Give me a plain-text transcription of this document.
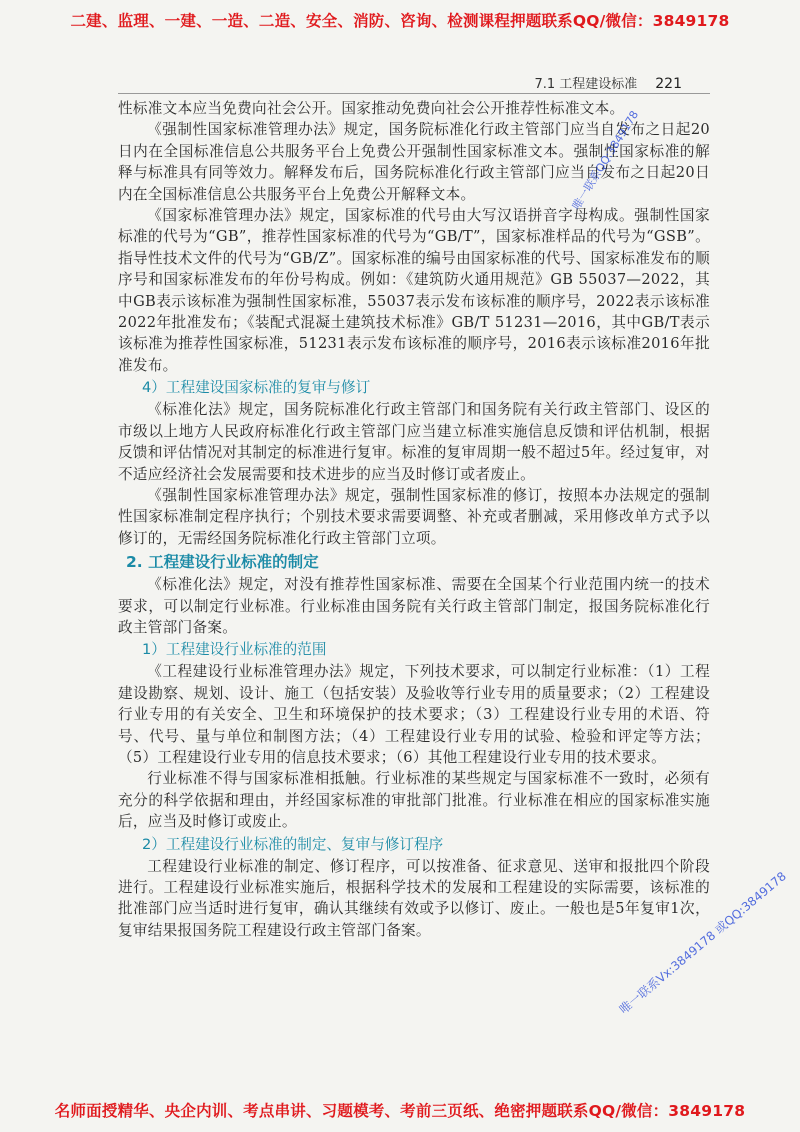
二建、监理、一建、一造、二造、安全、消防、咨询、检测课程押题联系QQ/微信：3849178
7.1 工程建设标准 221

性标准文本应当免费向社会公开。国家推动免费向社会公开推荐性标准文本。

《强制性国家标准管理办法》规定，国务院标准化行政主管部门应当自发布之日起20日内在全国标准信息公共服务平台上免费公开强制性国家标准文本。强制性国家标准的解释与标准具有同等效力。解释发布后，国务院标准化行政主管部门应当自发布之日起20日内在全国标准信息公共服务平台上免费公开解释文本。

《国家标准管理办法》规定，国家标准的代号由大写汉语拼音字母构成。强制性国家标准的代号为“GB”，推荐性国家标准的代号为“GB/T”，国家标准样品的代号为“GSB”。指导性技术文件的代号为“GB/Z”。国家标准的编号由国家标准的代号、国家标准发布的顺序号和国家标准发布的年份号构成。例如：《建筑防火通用规范》GB 55037—2022，其中GB表示该标准为强制性国家标准，55037表示发布该标准的顺序号，2022表示该标准2022年批准发布；《装配式混凝土建筑技术标准》GB/T 51231—2016，其中GB/T表示该标准为推荐性国家标准，51231表示发布该标准的顺序号，2016表示该标准2016年批准发布。

4）工程建设国家标准的复审与修订

《标准化法》规定，国务院标准化行政主管部门和国务院有关行政主管部门、设区的市级以上地方人民政府标准化行政主管部门应当建立标准实施信息反馈和评估机制，根据反馈和评估情况对其制定的标准进行复审。标准的复审周期一般不超过5年。经过复审，对不适应经济社会发展需要和技术进步的应当及时修订或者废止。

《强制性国家标准管理办法》规定，强制性国家标准的修订，按照本办法规定的强制性国家标准制定程序执行；个别技术要求需要调整、补充或者删减，采用修改单方式予以修订的，无需经国务院标准化行政主管部门立项。

2. 工程建设行业标准的制定

《标准化法》规定，对没有推荐性国家标准、需要在全国某个行业范围内统一的技术要求，可以制定行业标准。行业标准由国务院有关行政主管部门制定，报国务院标准化行政主管部门备案。

1）工程建设行业标准的范围

《工程建设行业标准管理办法》规定，下列技术要求，可以制定行业标准：（1）工程建设勘察、规划、设计、施工（包括安装）及验收等行业专用的质量要求；（2）工程建设行业专用的有关安全、卫生和环境保护的技术要求；（3）工程建设行业专用的术语、符号、代号、量与单位和制图方法；（4）工程建设行业专用的试验、检验和评定等方法；（5）工程建设行业专用的信息技术要求；（6）其他工程建设行业专用的技术要求。

行业标准不得与国家标准相抵触。行业标准的某些规定与国家标准不一致时，必须有充分的科学依据和理由，并经国家标准的审批部门批准。行业标准在相应的国家标准实施后，应当及时修订或废止。

2）工程建设行业标准的制定、复审与修订程序

工程建设行业标准的制定、修订程序，可以按准备、征求意见、送审和报批四个阶段进行。工程建设行业标准实施后，根据科学技术的发展和工程建设的实际需要，该标准的批准部门应当适时进行复审，确认其继续有效或予以修订、废止。一般也是5年复审1次，复审结果报国务院工程建设行政主管部门备案。

唯一联系QQ:3849178
唯一联系Vx:3849178 或QQ:3849178
名师面授精华、央企内训、考点串讲、习题模考、考前三页纸、绝密押题联系QQ/微信：3849178
